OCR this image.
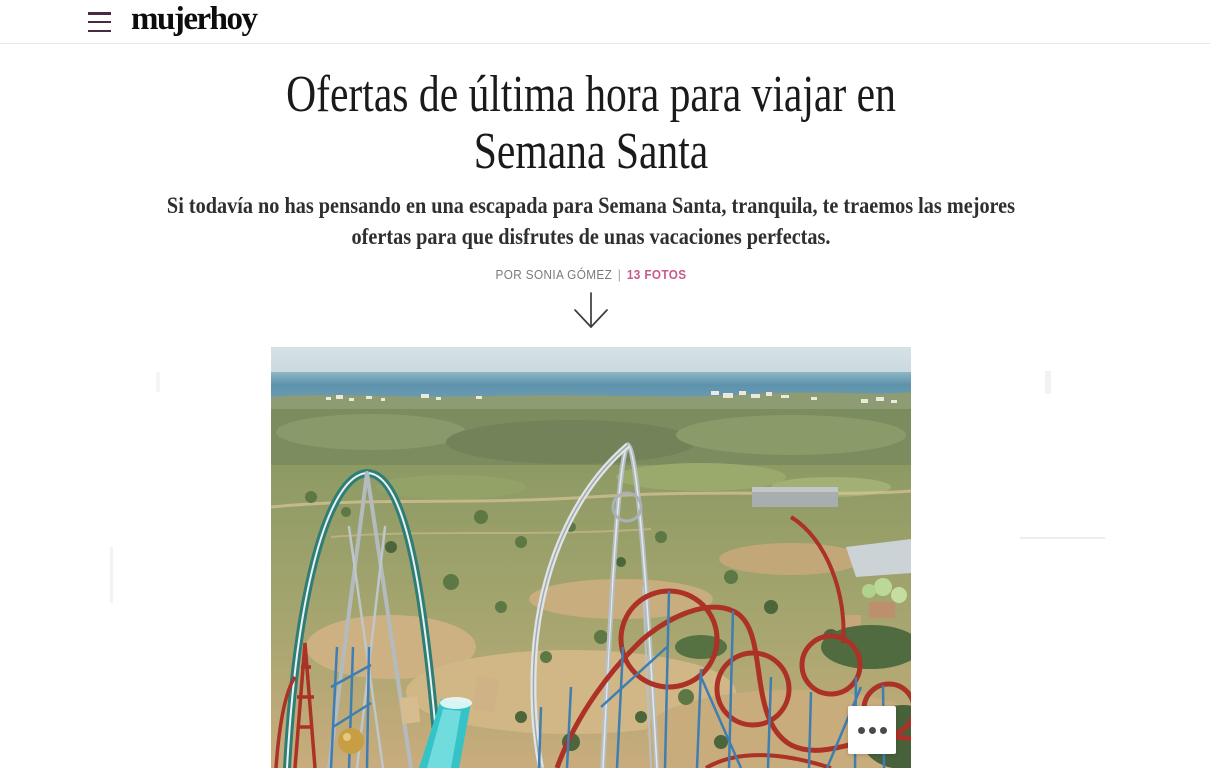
mujerhoy
Ofertas de última hora para viajar en
Semana Santa

Si todavía no has pensando en una escapada para Semana Santa, tranquila, te traemos las mejores ofertas para que disfrutes de unas vacaciones perfectas.

POR SONIA GÓMEZ | 13 FOTOS
